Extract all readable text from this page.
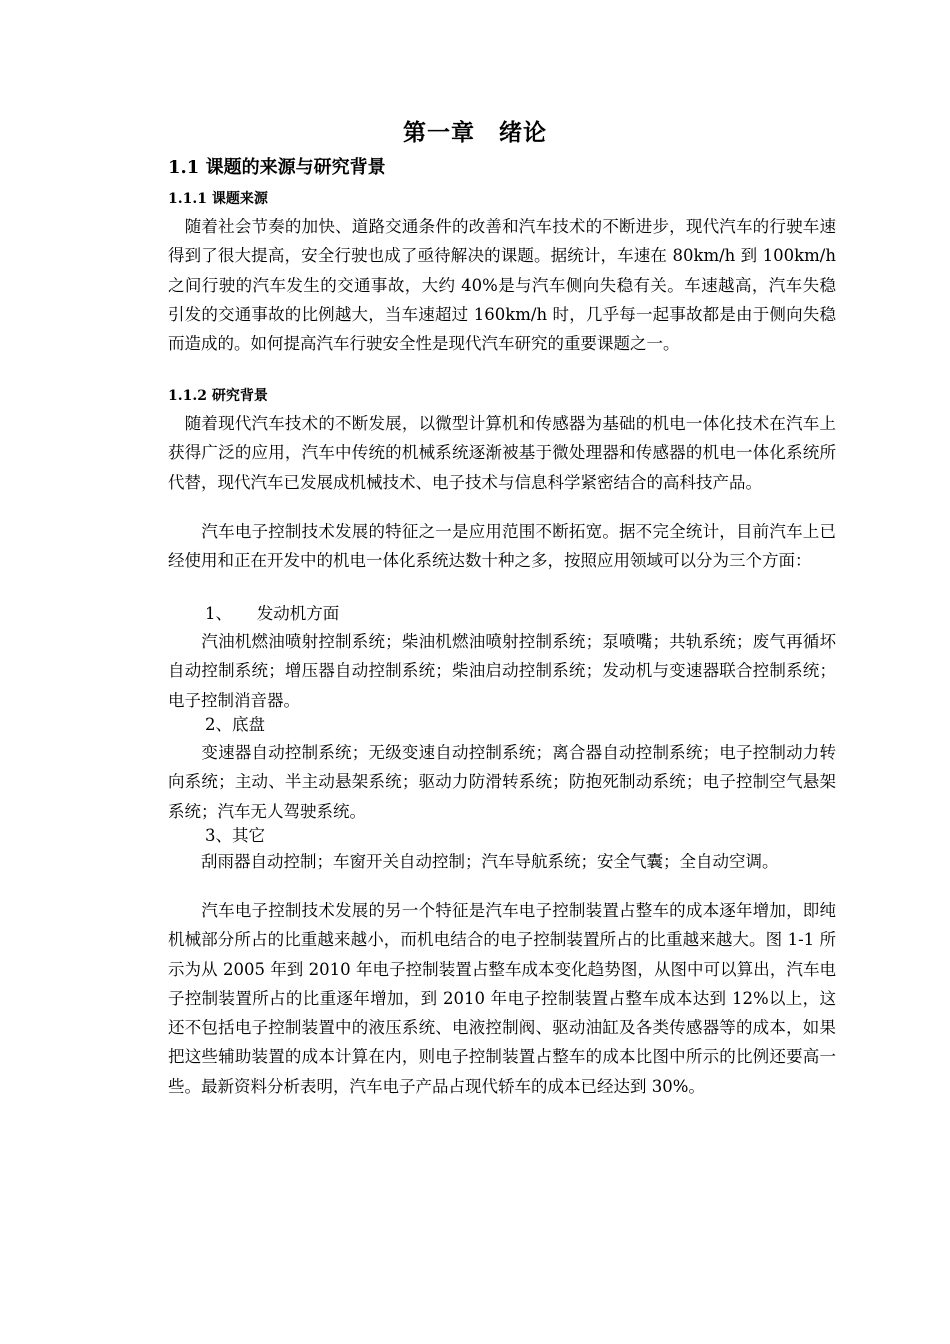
第一章　绪论
1.1 课题的来源与研究背景
1.1.1 课题来源
　随着社会节奏的加快、道路交通条件的改善和汽车技术的不断进步，现代汽车的行驶车速得到了很大提高，安全行驶也成了亟待解决的课题。据统计，车速在 80km/h 到 100km/h 之间行驶的汽车发生的交通事故，大约 40%是与汽车侧向失稳有关。车速越高，汽车失稳引发的交通事故的比例越大，当车速超过 160km/h 时，几乎每一起事故都是由于侧向失稳而造成的。如何提高汽车行驶安全性是现代汽车研究的重要课题之一。
1.1.2 研究背景
　随着现代汽车技术的不断发展，以微型计算机和传感器为基础的机电一体化技术在汽车上获得广泛的应用，汽车中传统的机械系统逐渐被基于微处理器和传感器的机电一体化系统所代替，现代汽车已发展成机械技术、电子技术与信息科学紧密结合的高科技产品。
　　汽车电子控制技术发展的特征之一是应用范围不断拓宽。据不完全统计，目前汽车上已经使用和正在开发中的机电一体化系统达数十种之多，按照应用领域可以分为三个方面：
1、　　发动机方面
　　汽油机燃油喷射控制系统；柴油机燃油喷射控制系统；泵喷嘴；共轨系统；废气再循坏自动控制系统；增压器自动控制系统；柴油启动控制系统；发动机与变速器联合控制系统；电子控制消音器。
2、底盘
　　变速器自动控制系统；无级变速自动控制系统；离合器自动控制系统；电子控制动力转向系统；主动、半主动悬架系统；驱动力防滑转系统；防抱死制动系统；电子控制空气悬架系统；汽车无人驾驶系统。
3、其它
　　刮雨器自动控制；车窗开关自动控制；汽车导航系统；安全气囊；全自动空调。
　　汽车电子控制技术发展的另一个特征是汽车电子控制装置占整车的成本逐年增加，即纯机械部分所占的比重越来越小，而机电结合的电子控制装置所占的比重越来越大。图 1-1 所示为从 2005 年到 2010 年电子控制装置占整车成本变化趋势图，从图中可以算出，汽车电子控制装置所占的比重逐年增加，到 2010 年电子控制装置占整车成本达到 12%以上，这还不包括电子控制装置中的液压系统、电液控制阀、驱动油缸及各类传感器等的成本，如果把这些辅助装置的成本计算在内，则电子控制装置占整车的成本比图中所示的比例还要高一些。最新资料分析表明，汽车电子产品占现代轿车的成本已经达到 30%。
